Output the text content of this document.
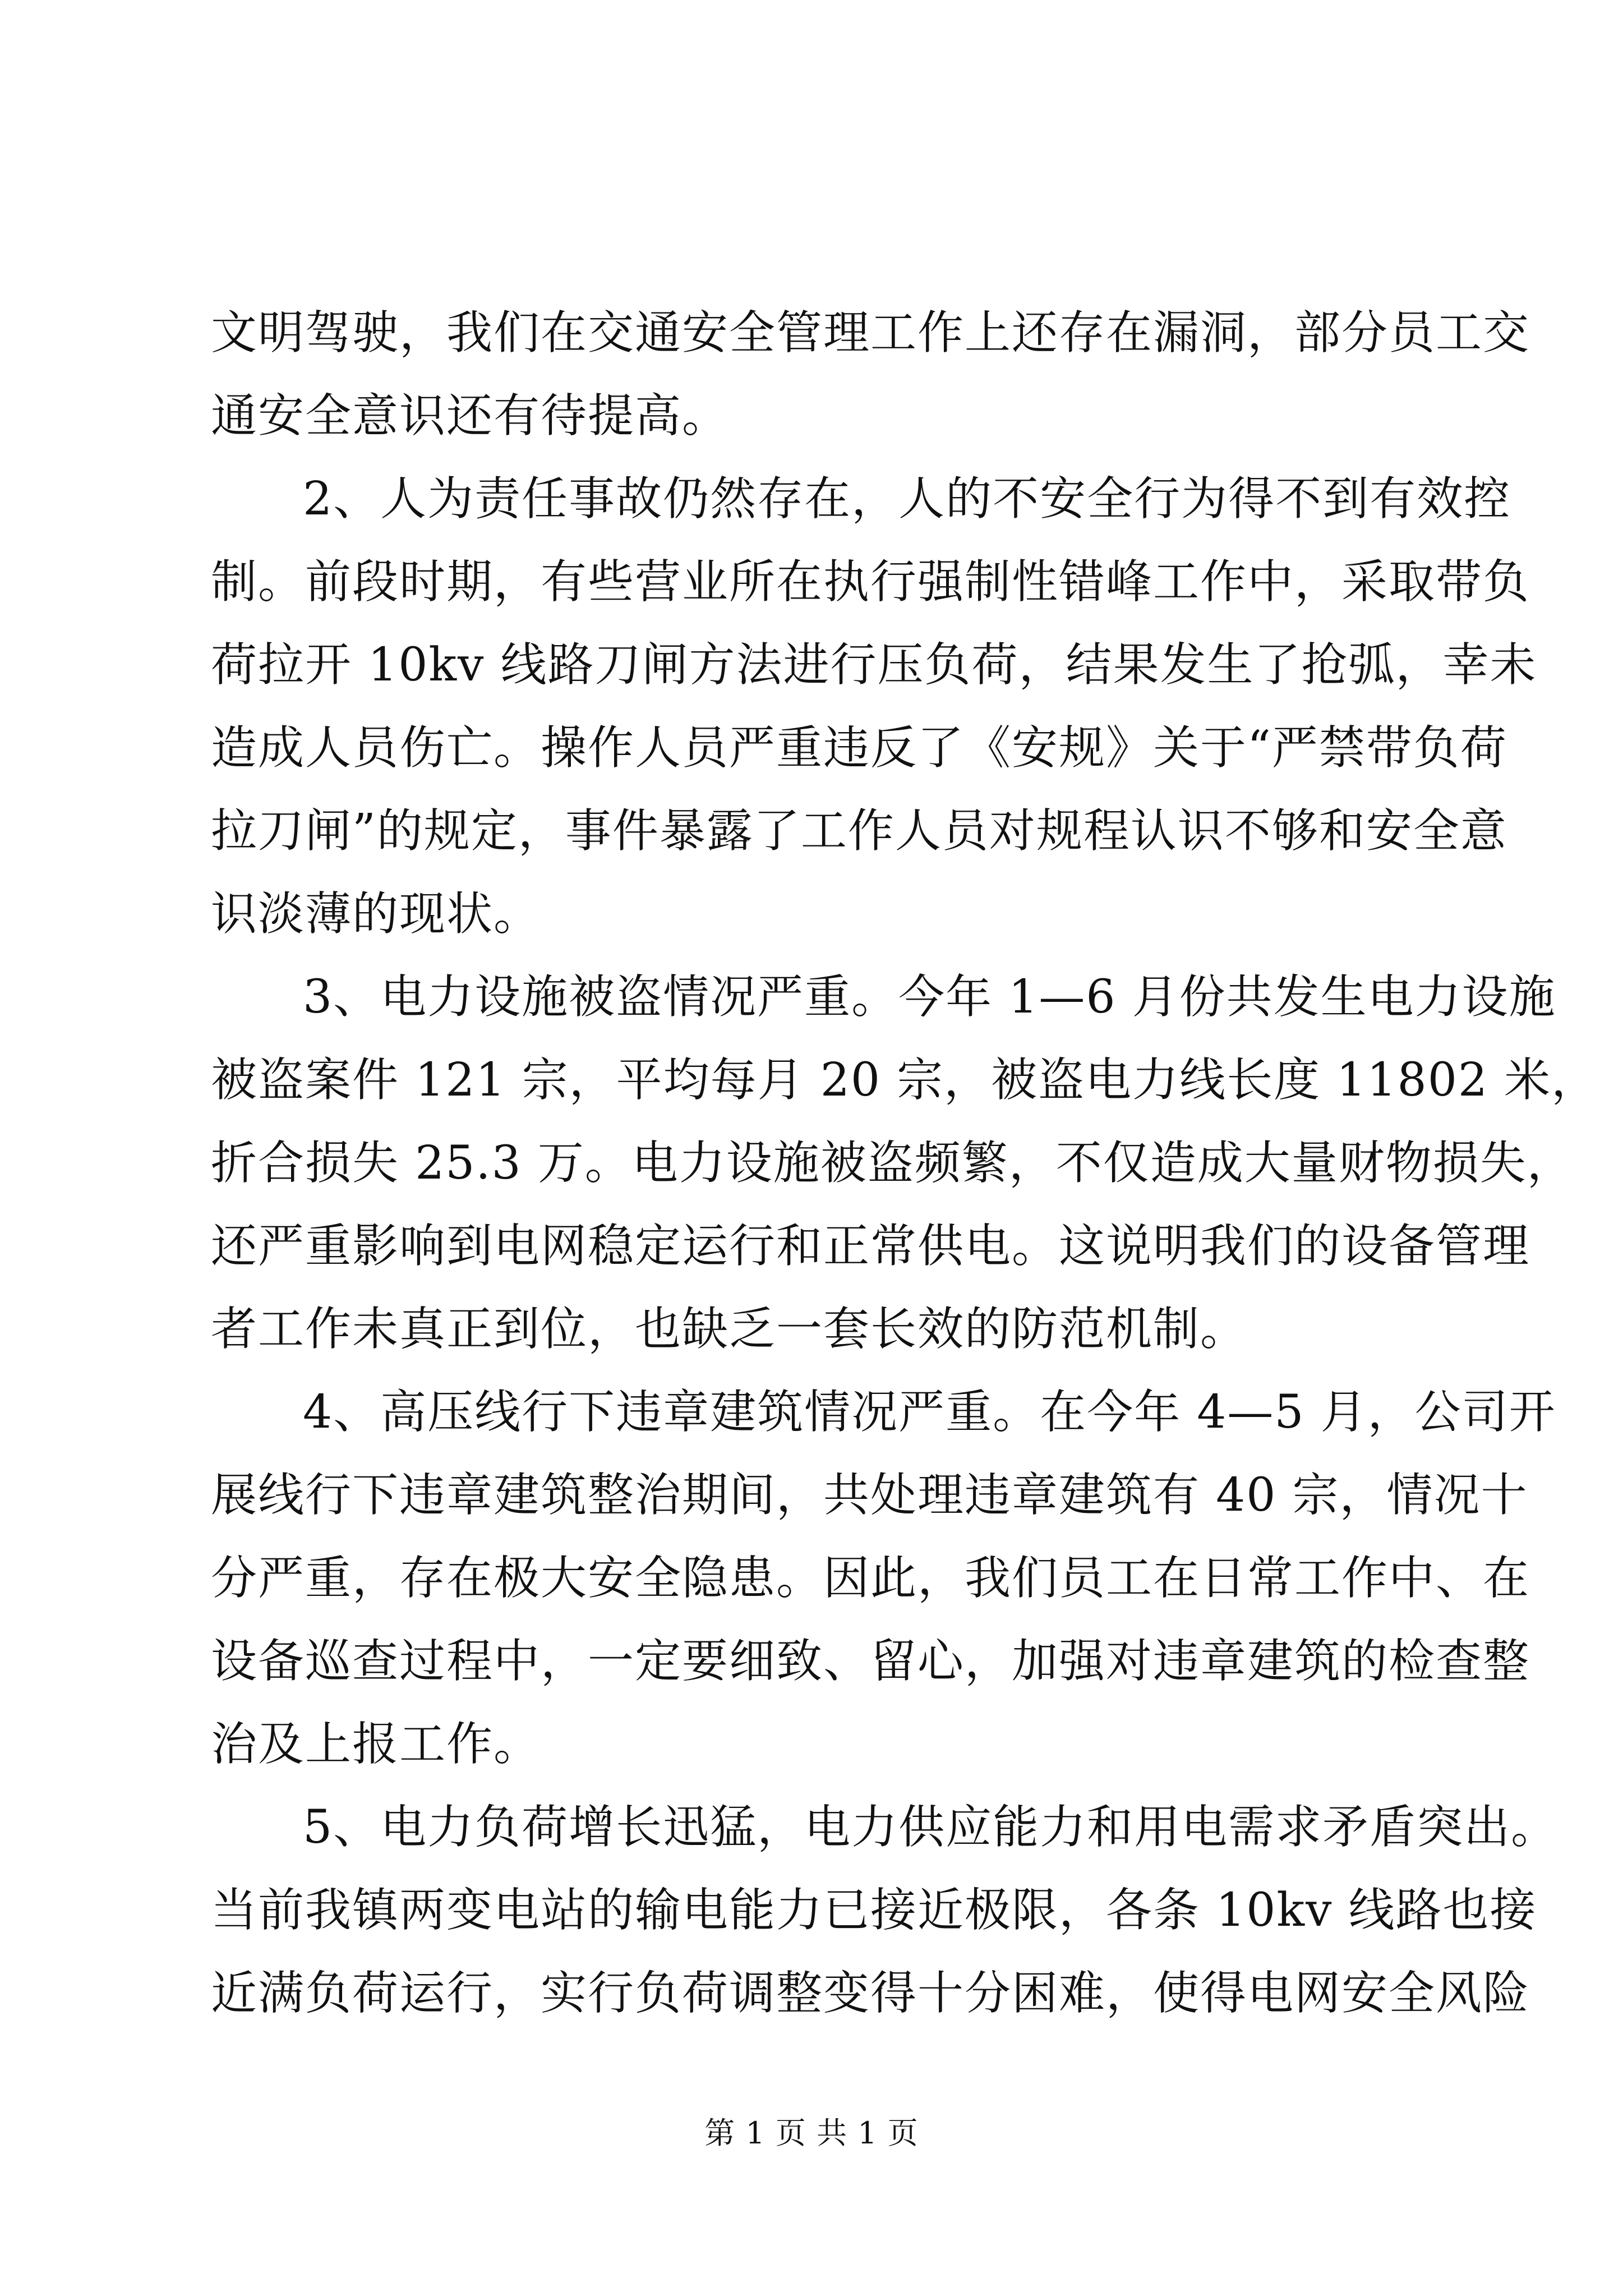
文明驾驶，我们在交通安全管理工作上还存在漏洞，部分员工交
通安全意识还有待提高。
2、人为责任事故仍然存在，人的不安全行为得不到有效控
制。前段时期，有些营业所在执行强制性错峰工作中，采取带负
荷拉开 10kv 线路刀闸方法进行压负荷，结果发生了抢弧，幸未
造成人员伤亡。操作人员严重违反了《安规》关于“严禁带负荷
拉刀闸”的规定，事件暴露了工作人员对规程认识不够和安全意
识淡薄的现状。
3、电力设施被盗情况严重。今年 1—6 月份共发生电力设施
被盗案件 121 宗，平均每月 20 宗，被盗电力线长度 11802 米，
折合损失 25.3 万。电力设施被盗频繁，不仅造成大量财物损失，
还严重影响到电网稳定运行和正常供电。这说明我们的设备管理
者工作未真正到位，也缺乏一套长效的防范机制。
4、高压线行下违章建筑情况严重。在今年 4—5 月，公司开
展线行下违章建筑整治期间，共处理违章建筑有 40 宗，情况十
分严重，存在极大安全隐患。因此，我们员工在日常工作中、在
设备巡查过程中，一定要细致、留心，加强对违章建筑的检查整
治及上报工作。
5、电力负荷增长迅猛，电力供应能力和用电需求矛盾突出。
当前我镇两变电站的输电能力已接近极限，各条 10kv 线路也接
近满负荷运行，实行负荷调整变得十分困难，使得电网安全风险
第 1 页 共 1 页
